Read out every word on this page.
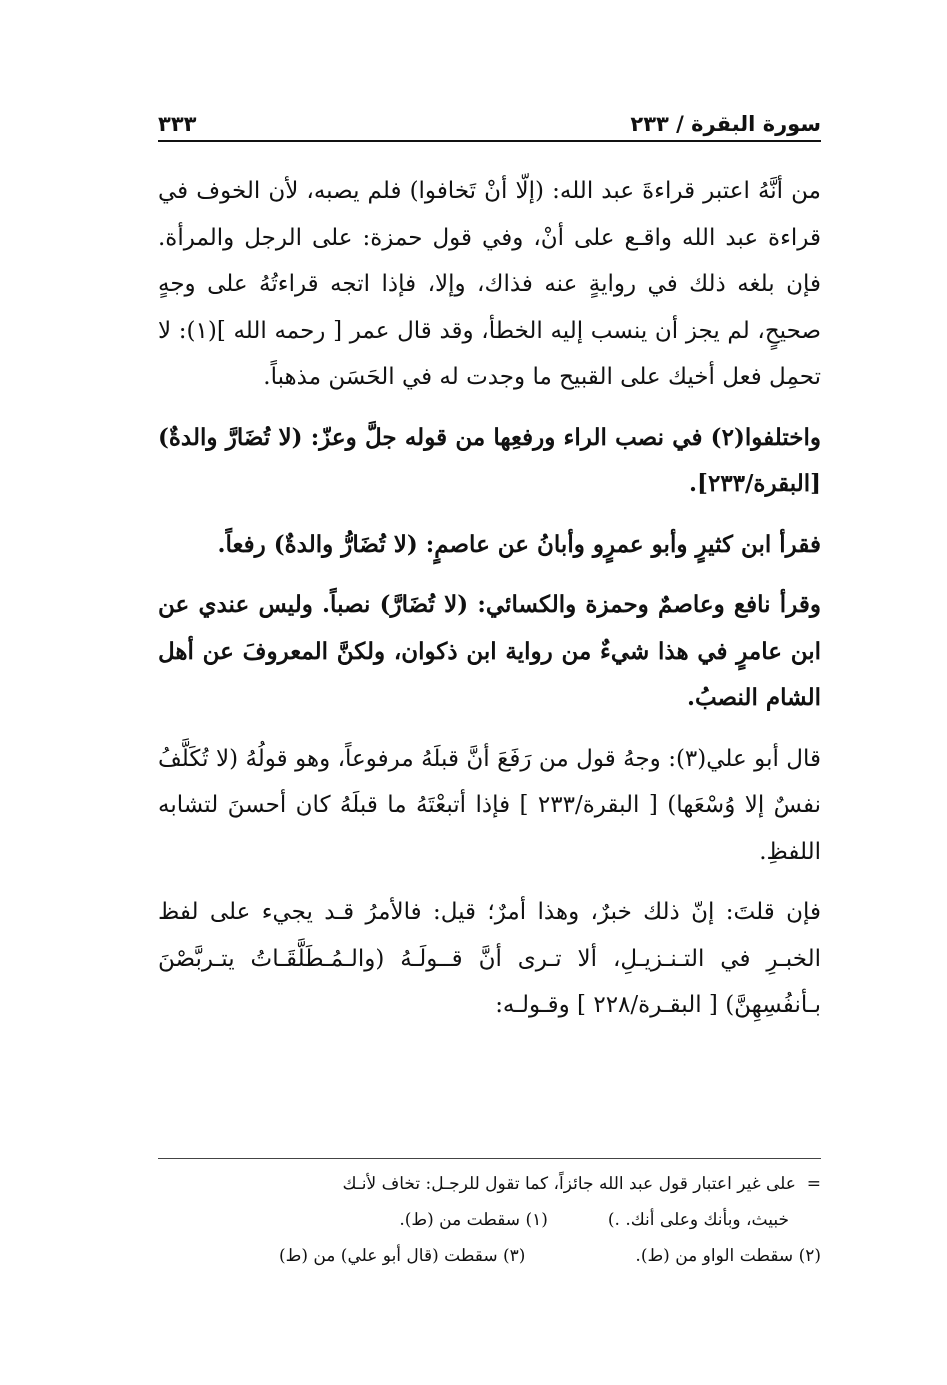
سورة البقرة / ٢٣٣
٣٣٣

من أنَّهُ اعتبر قراءةَ عبد الله: (إلّا أنْ تَخافوا) فلم يصبه، لأن الخوف في قراءة عبد الله واقـع على أنْ، وفي قول حمزة: على الرجل والمرأة. فإن بلغه ذلك في روايةٍ عنه فذاك، وإلا، فإذا اتجه قراءتُهُ على وجهٍ صحيحٍ، لم يجز أن ينسب إليه الخطأ، وقد قال عمر [ رحمه الله ](١): لا تحمِل فعل أخيك على القبيح ما وجدت له في الحَسَن مذهباً.

واختلفوا(٢) في نصب الراء ورفعِها من قوله جلَّ وعزّ: (لا تُضَارَّ والدةٌ) [البقرة/٢٣٣].

فقرأ ابن كثيرٍ وأبو عمرٍو وأبانُ عن عاصمٍ: (لا تُضَارُّ والدةٌ) رفعاً.

وقرأ نافع وعاصمٌ وحمزة والكسائي: (لا تُضَارَّ) نصباً. وليس عندي عن ابن عامرٍ في هذا شيءٌ من رواية ابن ذكوان، ولكنَّ المعروفَ عن أهل الشام النصبُ.

قال أبو علي(٣): وجهُ قول من رَفَعَ أنَّ قبلَهُ مرفوعاً، وهو قولُهُ (لا تُكَلَّفُ نفسٌ إلا وُسْعَها) [ البقرة/٢٣٣ ] فإذا أتبعْتَهُ ما قبلَهُ كان أحسنَ لتشابه اللفظِ.

فإن قلتَ: إنّ ذلك خبرٌ، وهذا أمرٌ؛ قيل: فالأمرُ قـد يجيء على لفظ الخبـرِ في التـنـزيـلِ، ألا تـرى أنَّ قــولَـهُ (والـمُـطَلَّقَـاتُ يتـربَّصْنَ بـأنفُسِهِنَّ) [ البقـرة/٢٢٨ ] وقـولـه:

=  على غير اعتبار قول عبد الله جائزاً، كما تقول للرجـل: تخاف لأنـك
خبيث، وبأنك وعلى أنك. .)
(١) سقطت من (ط).
(٢) سقطت الواو من (ط).
(٣) سقطت (قال أبو علي) من (ط)
